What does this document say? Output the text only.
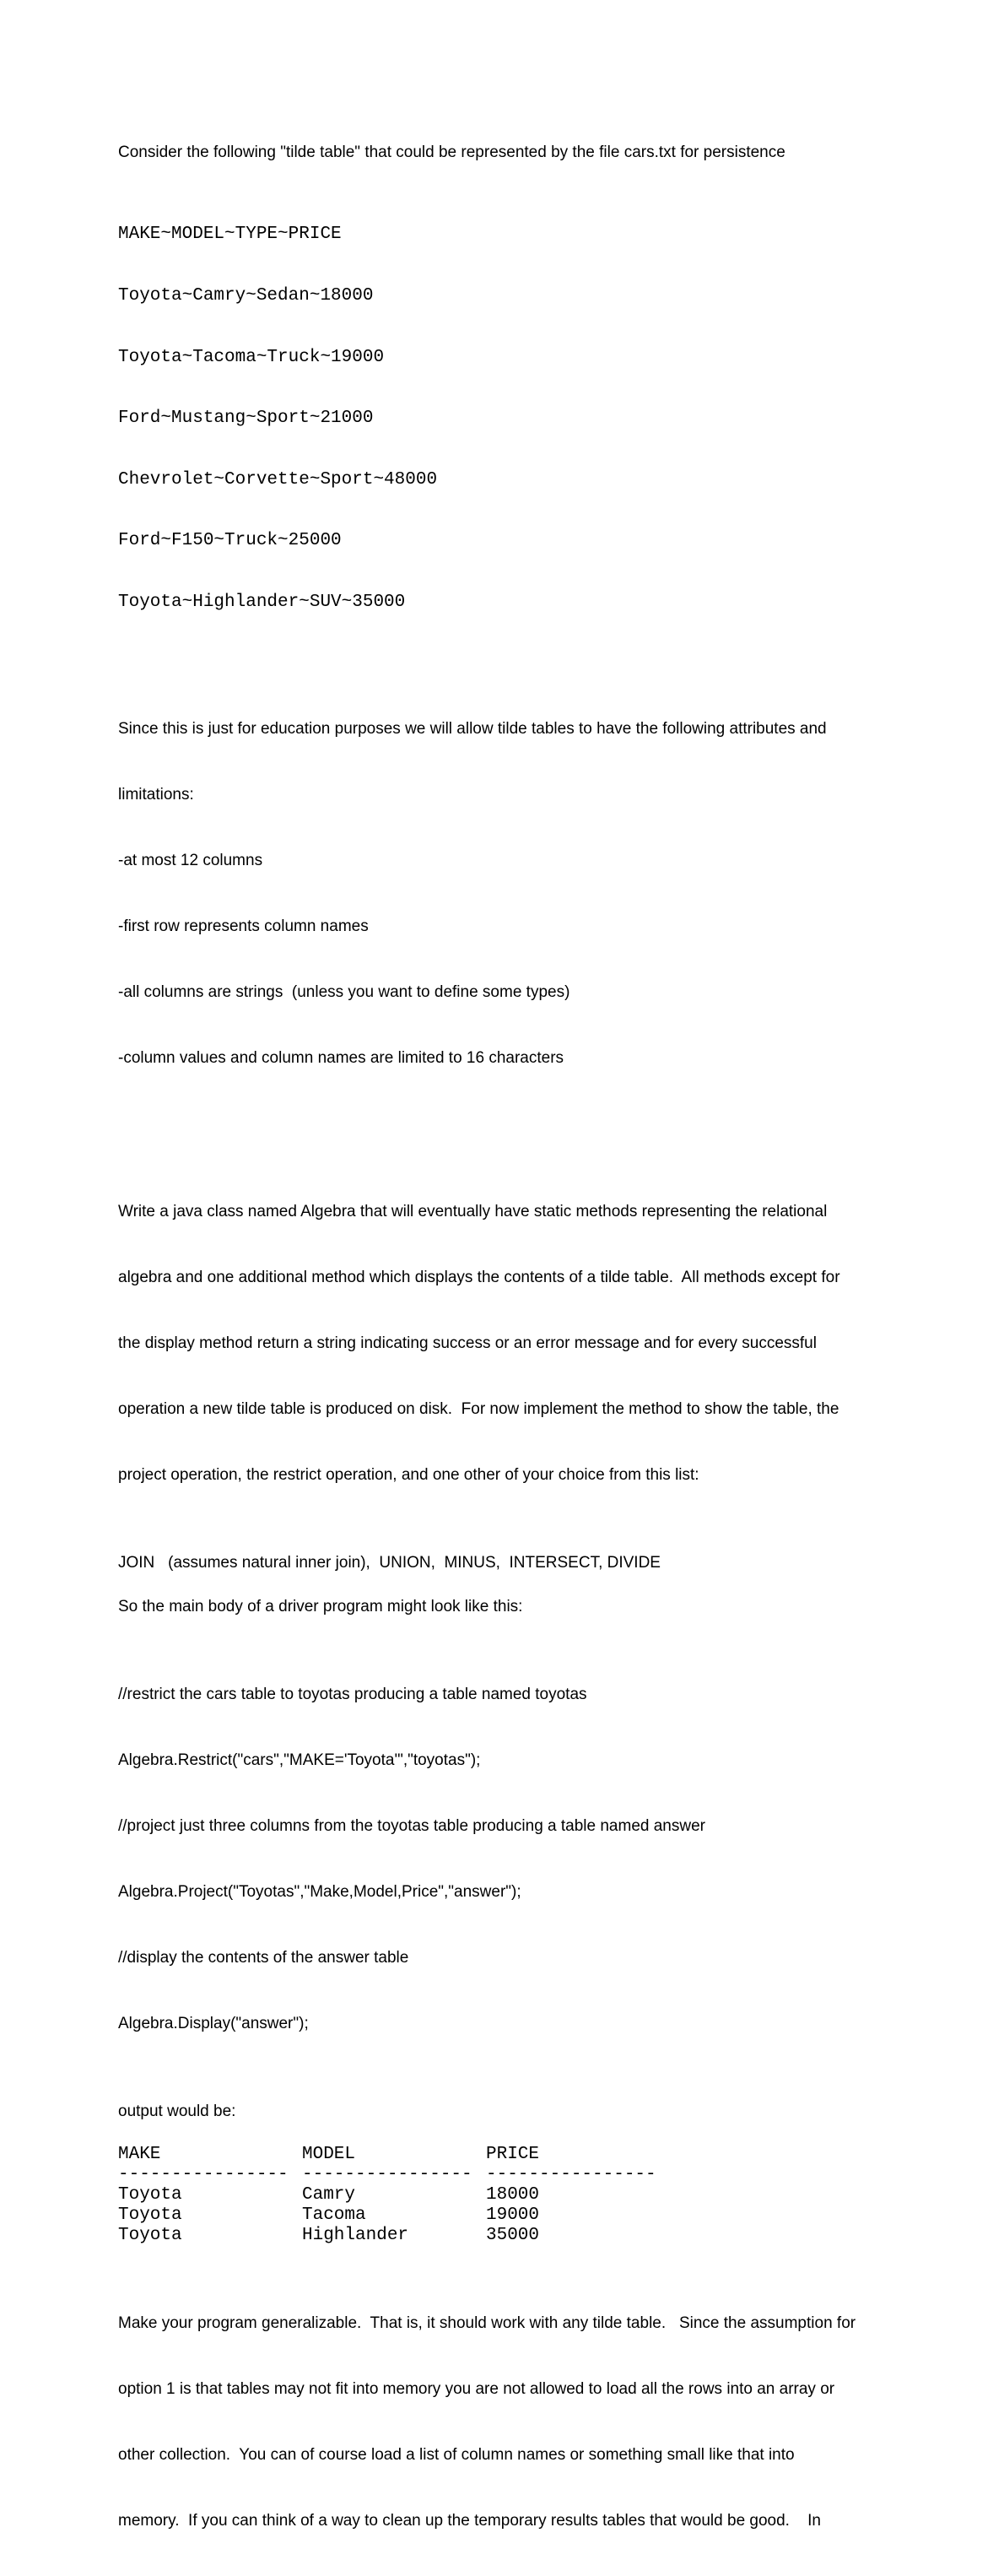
Consider the following "tilde table" that could be represented by the file cars.txt for persistence

MAKE~MODEL~TYPE~PRICE

Toyota~Camry~Sedan~18000

Toyota~Tacoma~Truck~19000

Ford~Mustang~Sport~21000

Chevrolet~Corvette~Sport~48000

Ford~F150~Truck~25000

Toyota~Highlander~SUV~35000

Since this is just for education purposes we will allow tilde tables to have the following attributes and

limitations:

-at most 12 columns

-first row represents column names

-all columns are strings  (unless you want to define some types)

-column values and column names are limited to 16 characters

Write a java class named Algebra that will eventually have static methods representing the relational

algebra and one additional method which displays the contents of a tilde table.  All methods except for

the display method return a string indicating success or an error message and for every successful

operation a new tilde table is produced on disk.  For now implement the method to show the table, the

project operation, the restrict operation, and one other of your choice from this list:

JOIN   (assumes natural inner join),  UNION,  MINUS,  INTERSECT, DIVIDE

So the main body of a driver program might look like this:

//restrict the cars table to toyotas producing a table named toyotas

Algebra.Restrict("cars","MAKE='Toyota'","toyotas");

//project just three columns from the toyotas table producing a table named answer

Algebra.Project("Toyotas","Make,Model,Price","answer");

//display the contents of the answer table

Algebra.Display("answer");

output would be:

MAKE	MODEL	PRICE
----------------	----------------	----------------
Toyota	Camry	18000
Toyota	Tacoma	19000
Toyota	Highlander	35000

Make your program generalizable.  That is, it should work with any tilde table.   Since the assumption for

option 1 is that tables may not fit into memory you are not allowed to load all the rows into an array or

other collection.  You can of course load a list of column names or something small like that into

memory.  If you can think of a way to clean up the temporary results tables that would be good.    In
